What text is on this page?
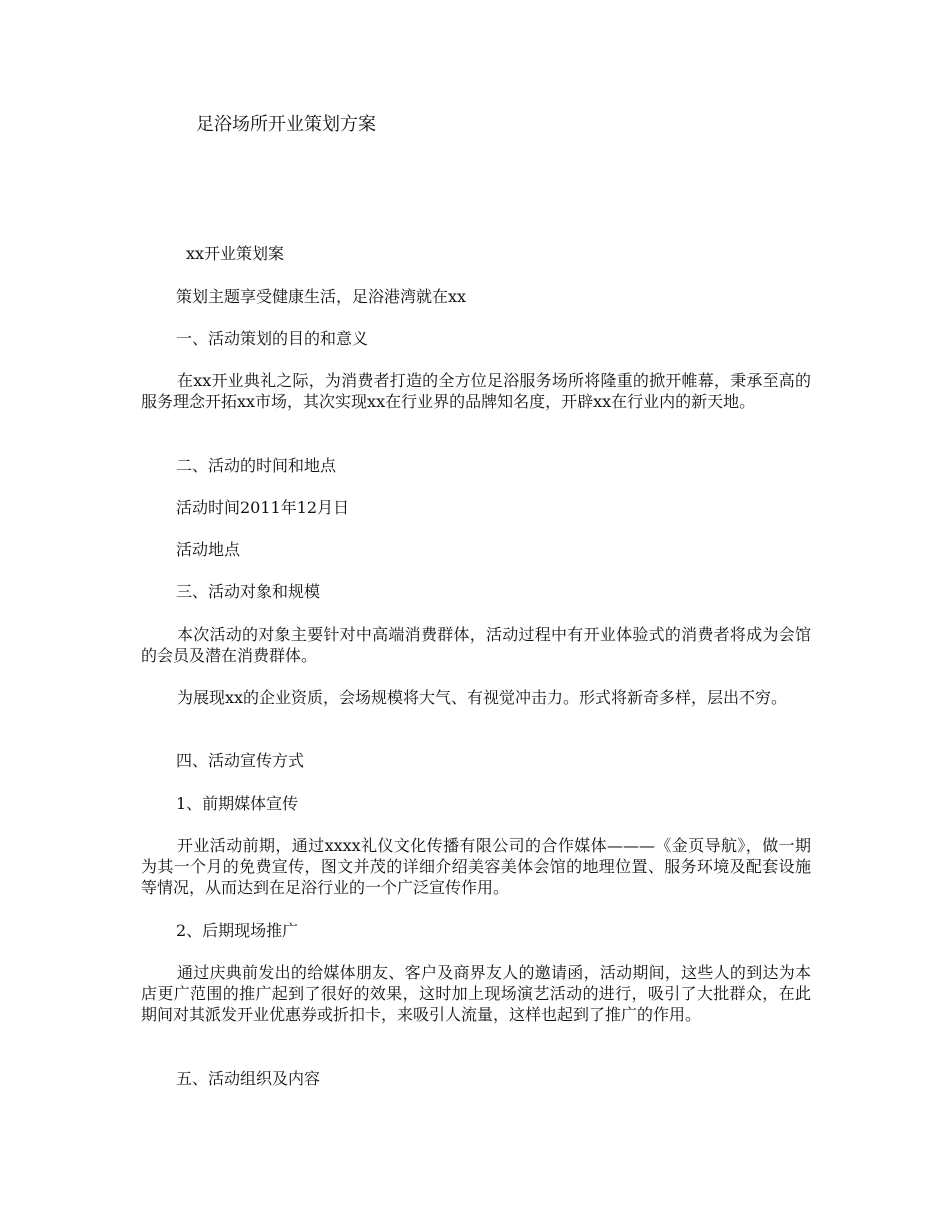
足浴场所开业策划方案

xx开业策划案

策划主题享受健康生活，足浴港湾就在xx

一、活动策划的目的和意义

在xx开业典礼之际，为消费者打造的全方位足浴服务场所将隆重的掀开帷幕，秉承至高的服务理念开拓xx市场，其次实现xx在行业界的品牌知名度，开辟xx在行业内的新天地。

二、活动的时间和地点

活动时间2011年12月日

活动地点

三、活动对象和规模

本次活动的对象主要针对中高端消费群体，活动过程中有开业体验式的消费者将成为会馆的会员及潜在消费群体。

为展现xx的企业资质，会场规模将大气、有视觉冲击力。形式将新奇多样，层出不穷。

四、活动宣传方式

1、前期媒体宣传

开业活动前期，通过xxxx礼仪文化传播有限公司的合作媒体———《金页导航》，做一期为其一个月的免费宣传，图文并茂的详细介绍美容美体会馆的地理位置、服务环境及配套设施等情况，从而达到在足浴行业的一个广泛宣传作用。

2、后期现场推广

通过庆典前发出的给媒体朋友、客户及商界友人的邀请函，活动期间，这些人的到达为本店更广范围的推广起到了很好的效果，这时加上现场演艺活动的进行，吸引了大批群众，在此期间对其派发开业优惠券或折扣卡，来吸引人流量，这样也起到了推广的作用。

五、活动组织及内容
